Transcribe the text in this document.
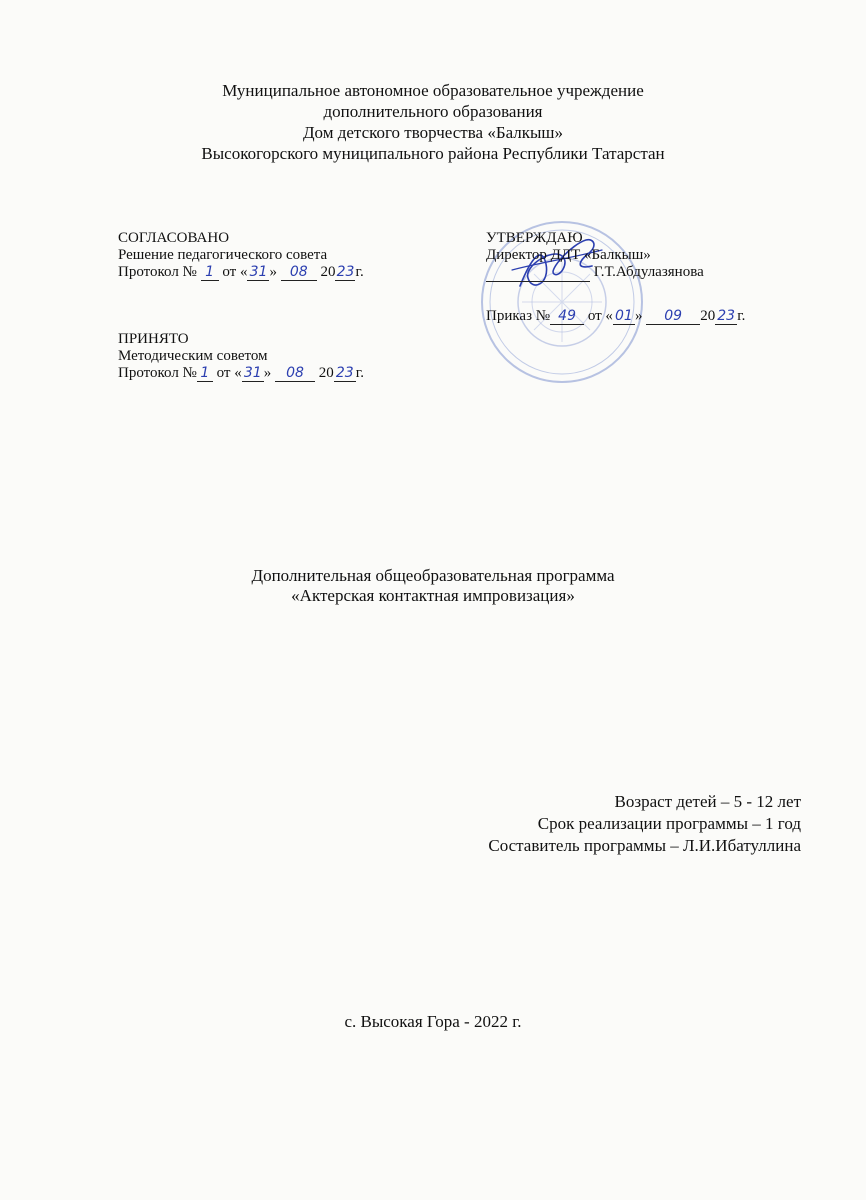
Муниципальное автономное образовательное учреждение
дополнительного образования
Дом детского творчества «Балкыш»
Высокогорского муниципального района Республики Татарстан
СОГЛАСОВАНО
Решение педагогического совета
Протокол № 1 от « 31 » 08 2023г.
ПРИНЯТО
Методическим советом
Протокол № 1 от « 31 » 08 20 23 г.
УТВЕРЖДАЮ
Директор ДДТ «Балкыш»
Г.Т.Абдулазянова
Приказ № 49 от « 01 » 09 20 23 г.
Дополнительная общеобразовательная программа
«Актерская контактная импровизация»
Возраст детей – 5 - 12 лет
Срок реализации программы – 1 год
Составитель программы – Л.И.Ибатуллина
с. Высокая Гора - 2022 г.
